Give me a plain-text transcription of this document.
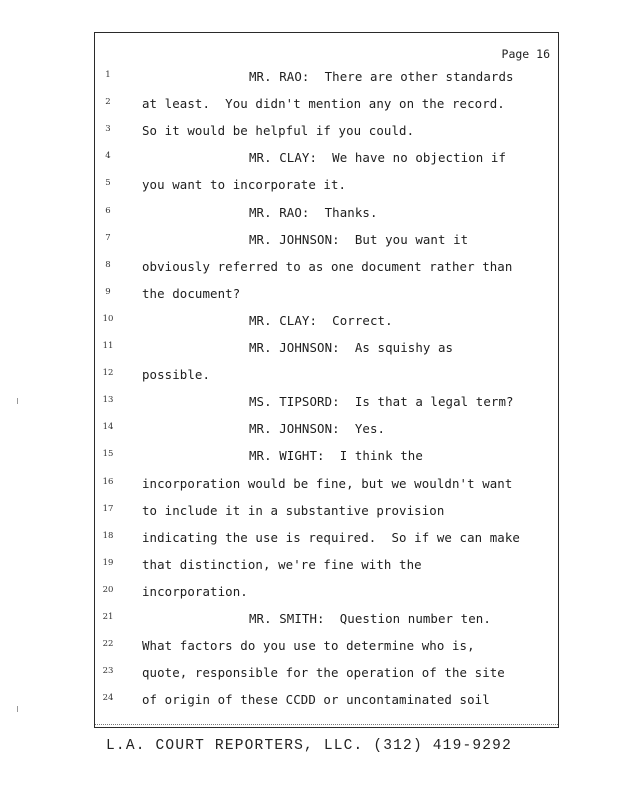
Page 16
1	MR. RAO:  There are other standards
2	at least.  You didn't mention any on the record.
3	So it would be helpful if you could.
4	MR. CLAY:  We have no objection if
5	you want to incorporate it.
6	MR. RAO:  Thanks.
7	MR. JOHNSON:  But you want it
8	obviously referred to as one document rather than
9	the document?
10	MR. CLAY:  Correct.
11	MR. JOHNSON:  As squishy as
12	possible.
13	MS. TIPSORD:  Is that a legal term?
14	MR. JOHNSON:  Yes.
15	MR. WIGHT:  I think the
16	incorporation would be fine, but we wouldn't want
17	to include it in a substantive provision
18	indicating the use is required.  So if we can make
19	that distinction, we're fine with the
20	incorporation.
21	MR. SMITH:  Question number ten.
22	What factors do you use to determine who is,
23	quote, responsible for the operation of the site
24	of origin of these CCDD or uncontaminated soil
L.A. COURT REPORTERS, LLC. (312) 419-9292
